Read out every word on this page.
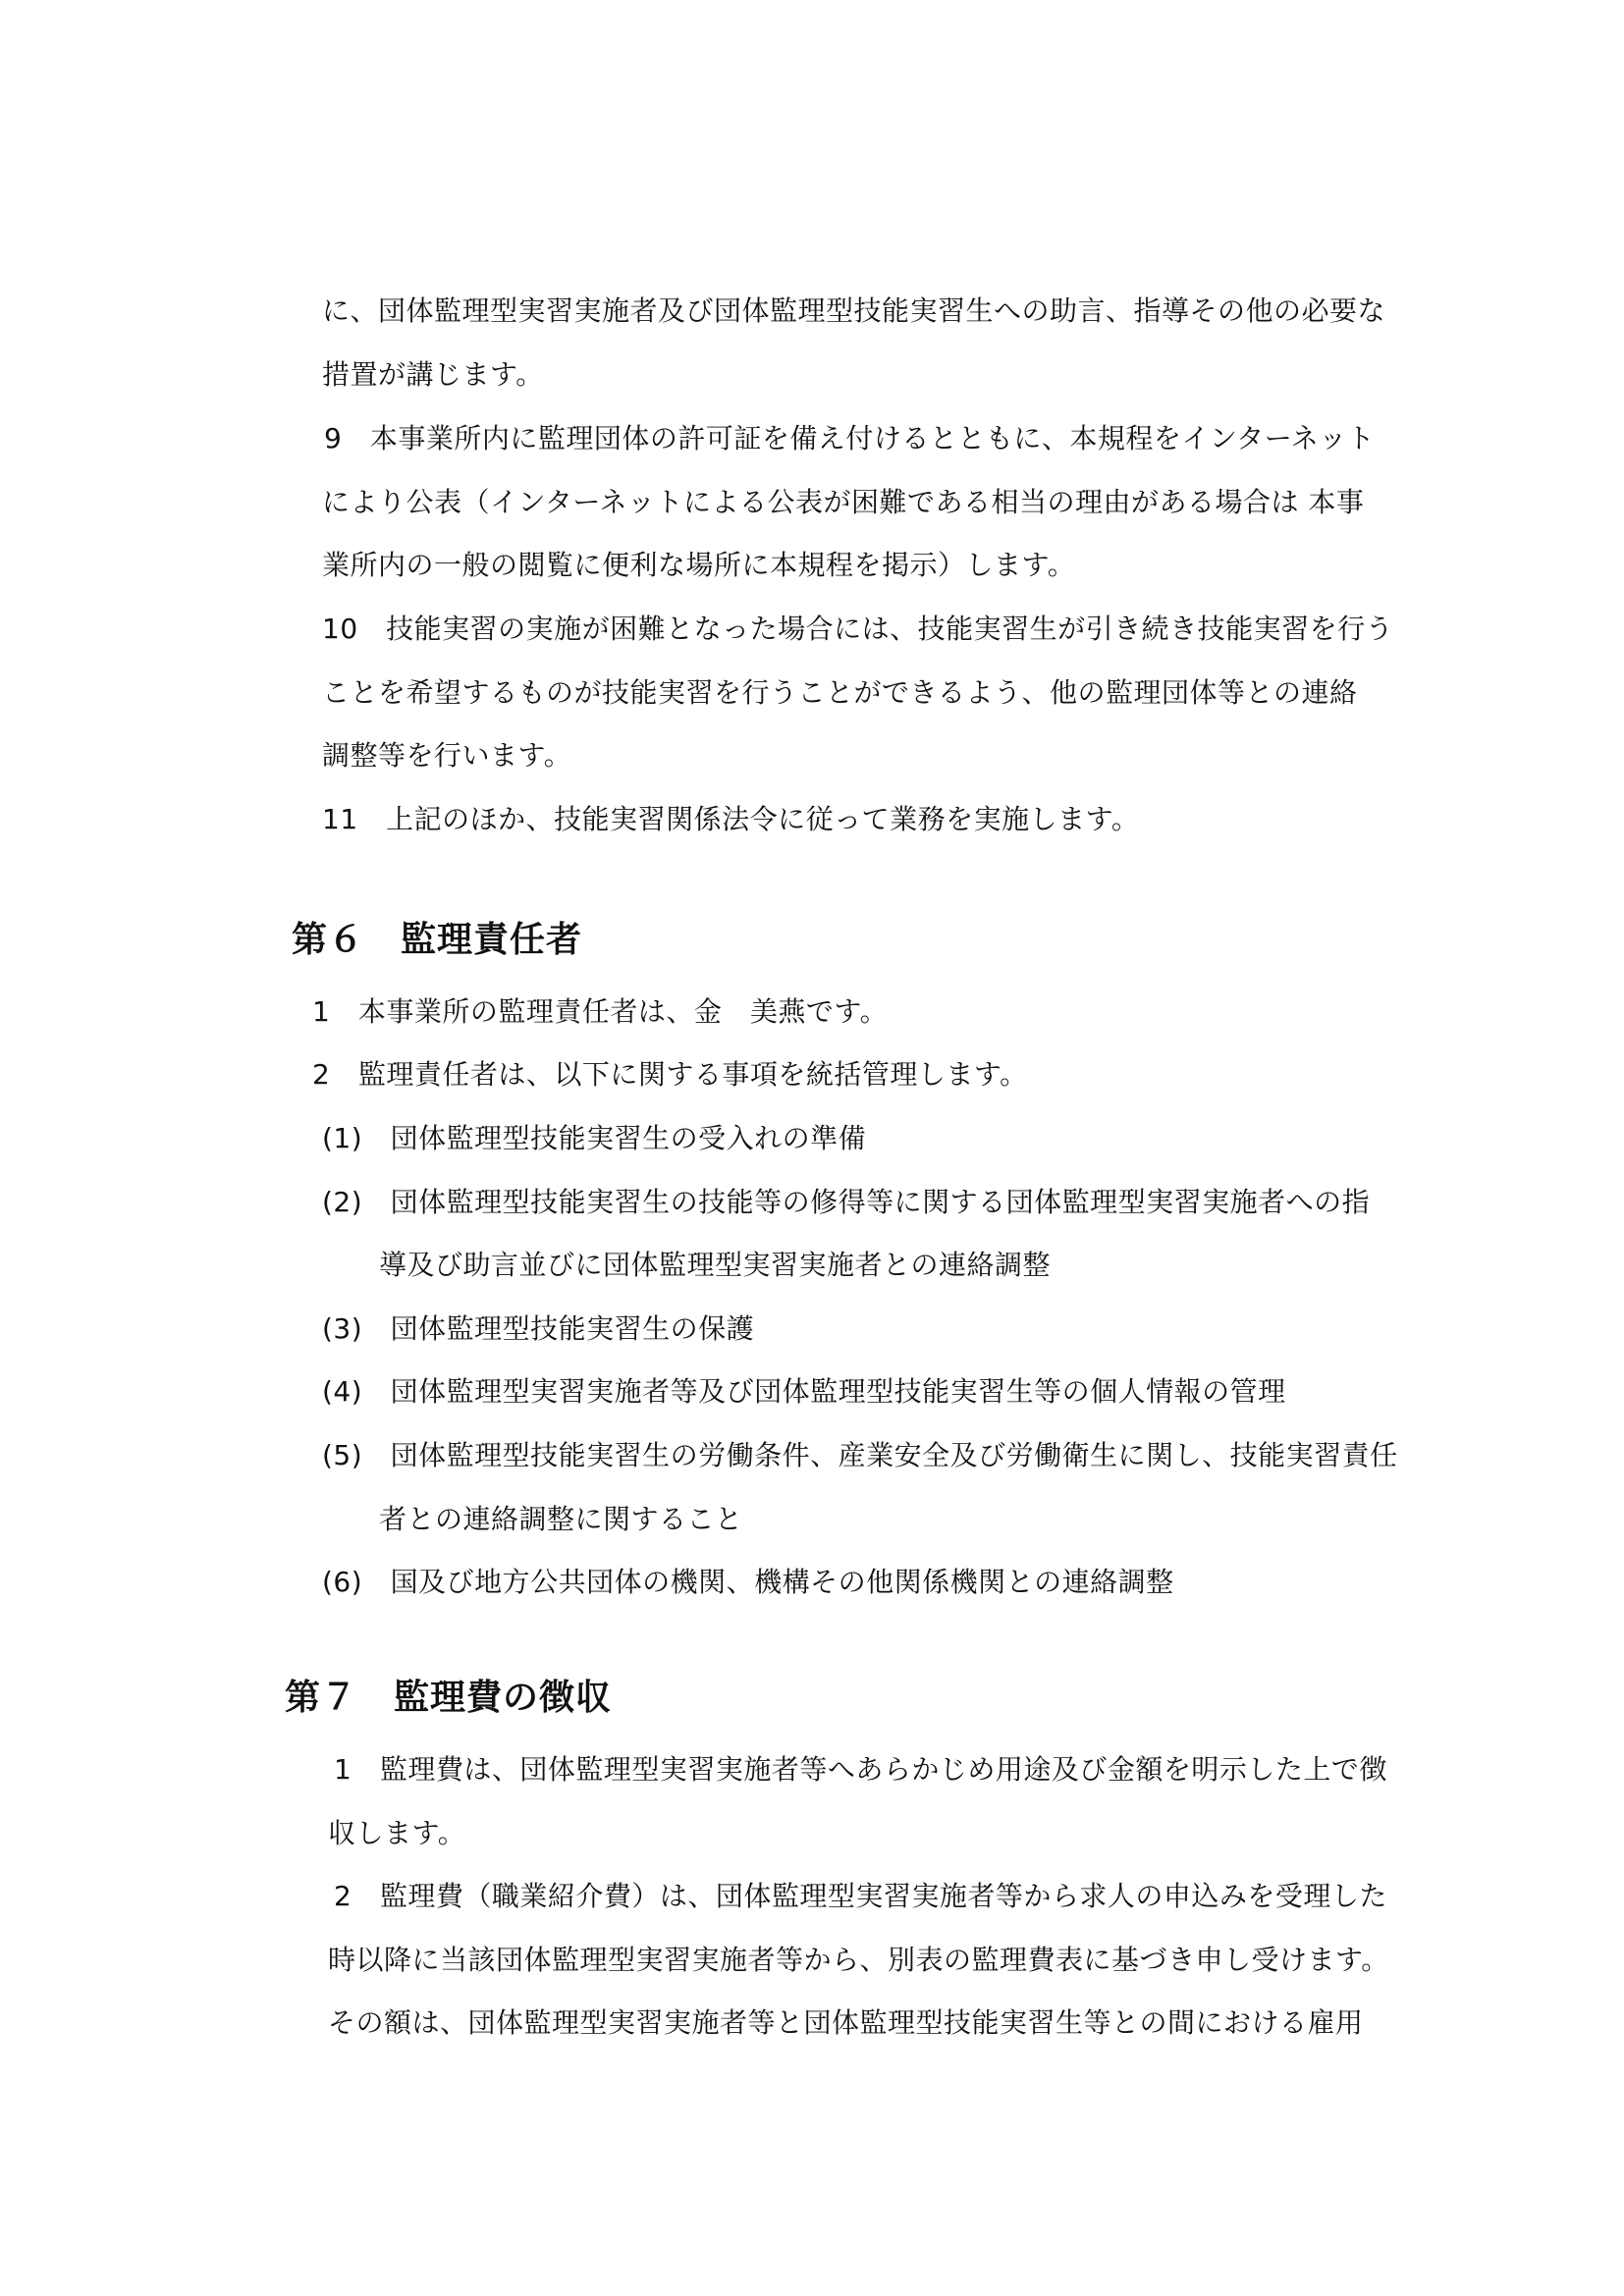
に、団体監理型実習実施者及び団体監理型技能実習生への助言、指導その他の必要な
措置が講じます。
9　本事業所内に監理団体の許可証を備え付けるとともに、本規程をインターネット
により公表（インターネットによる公表が困難である相当の理由がある場合は 本事
業所内の一般の閲覧に便利な場所に本規程を掲示）します。
10　技能実習の実施が困難となった場合には、技能実習生が引き続き技能実習を行う
ことを希望するものが技能実習を行うことができるよう、他の監理団体等との連絡
調整等を行います。
11　上記のほか、技能実習関係法令に従って業務を実施します。
第６　監理責任者
1　本事業所の監理責任者は、金　美燕です。
2　監理責任者は、以下に関する事項を統括管理します。
(1)　団体監理型技能実習生の受入れの準備
(2)　団体監理型技能実習生の技能等の修得等に関する団体監理型実習実施者への指
導及び助言並びに団体監理型実習実施者との連絡調整
(3)　団体監理型技能実習生の保護
(4)　団体監理型実習実施者等及び団体監理型技能実習生等の個人情報の管理
(5)　団体監理型技能実習生の労働条件、産業安全及び労働衛生に関し、技能実習責任
者との連絡調整に関すること
(6)　国及び地方公共団体の機関、機構その他関係機関との連絡調整
第７　監理費の徴収
1　監理費は、団体監理型実習実施者等へあらかじめ用途及び金額を明示した上で徴
収します。
2　監理費（職業紹介費）は、団体監理型実習実施者等から求人の申込みを受理した
時以降に当該団体監理型実習実施者等から、別表の監理費表に基づき申し受けます。
その額は、団体監理型実習実施者等と団体監理型技能実習生等との間における雇用
